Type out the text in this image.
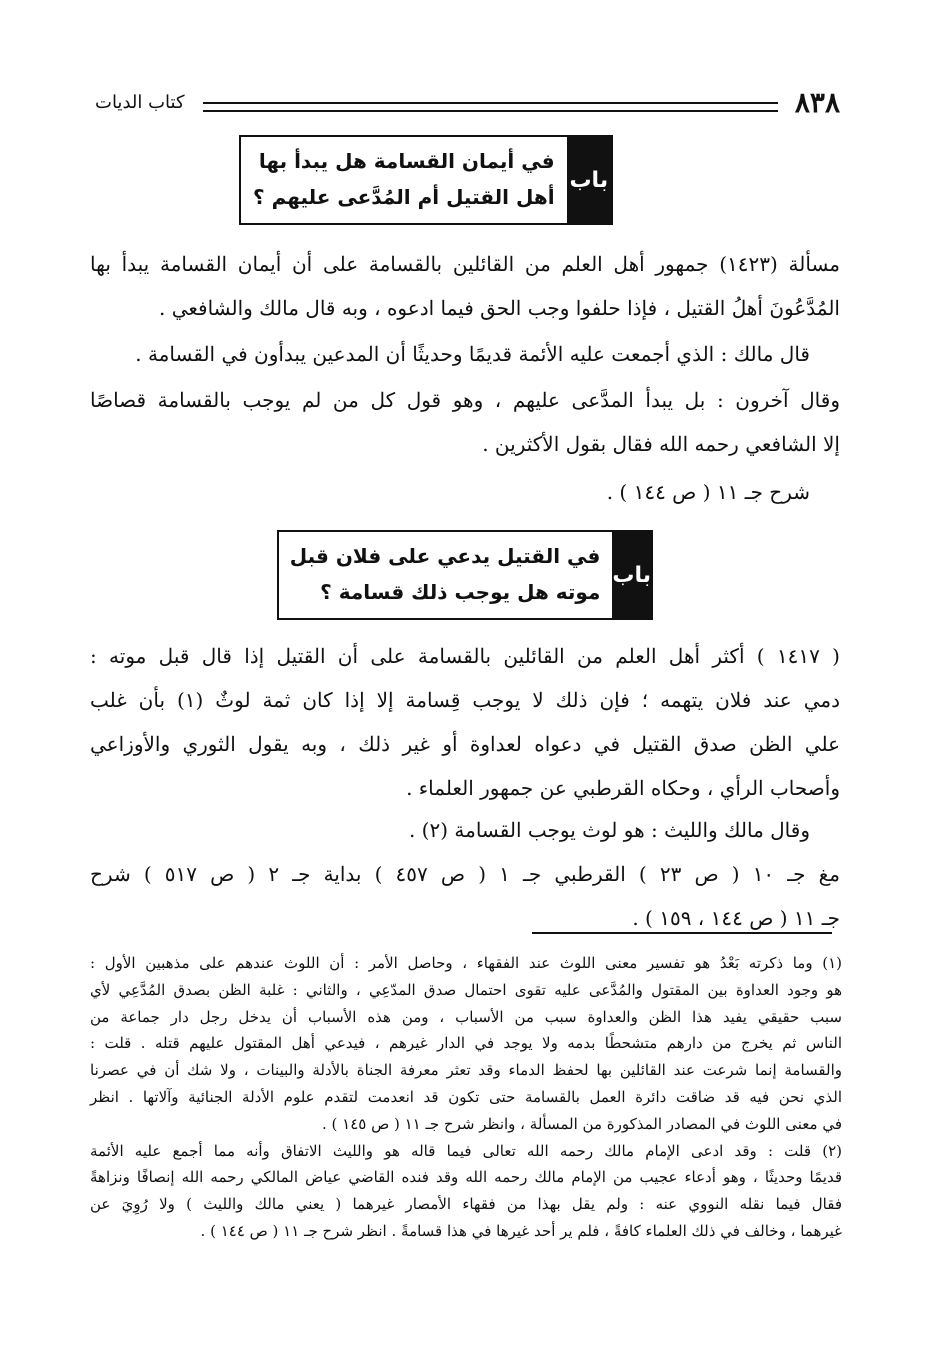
٨٣٨
كتاب الديات
باب
في أيمان القسامة هل يبدأ بها
أهل القتيل أم المُدَّعى عليهم ؟
مسألة (١٤٢٣) جمهور أهل العلم من القائلين بالقسامة على أن أيمان القسامة يبدأ بها
المُدَّعُونَ أهلُ القتيل ، فإذا حلفوا وجب الحق فيما ادعوه ، وبه قال مالك والشافعي .
قال مالك : الذي أجمعت عليه الأئمة قديمًا وحديثًا أن المدعين يبدأون في القسامة .
وقال آخرون : بل يبدأ المدَّعى عليهم ، وهو قول كل من لم يوجب بالقسامة قصاصًا
إلا الشافعي رحمه الله فقال بقول الأكثرين .
شرح جـ ١١ ( ص ١٤٤ ) .
باب
في القتيل يدعي على فلان قبل
موته هل يوجب ذلك قسامة ؟
( ١٤١٧ ) أكثر أهل العلم من القائلين بالقسامة على أن القتيل إذا قال قبل موته :
دمي عند فلان يتهمه ؛ فإن ذلك لا يوجب قِسامة إلا إذا كان ثمة لوثٌ (١) بأن غلب
علي الظن صدق القتيل في دعواه لعداوة أو غير ذلك ، وبه يقول الثوري والأوزاعي
وأصحاب الرأي ، وحكاه القرطبي عن جمهور العلماء .
وقال مالك والليث : هو لوث يوجب القسامة (٢) .
مغ جـ ١٠ ( ص ٢٣ ) القرطبي جـ ١ ( ص ٤٥٧ ) بداية جـ ٢ ( ص ٥١٧ ) شرح
جـ ١١ ( ص ١٤٤ ، ١٥٩ ) .
(١) وما ذكرته بَعْدُ هو تفسير معنى اللوث عند الفقهاء ، وحاصل الأمر : أن اللوث عندهم على مذهبين الأول :
هو وجود العداوة بين المقتول والمُدَّعى عليه تقوى احتمال صدق المدّعِي ، والثاني : غلبة الظن بصدق المُدَّعِي لأي
سبب حقيقي يفيد هذا الظن والعداوة سبب من الأسباب ، ومن هذه الأسباب أن يدخل رجل دار جماعة من
الناس ثم يخرج من دارهم متشحطًا بدمه ولا يوجد في الدار غيرهم ، فيدعي أهل المقتول عليهم قتله . قلت :
والقسامة إنما شرعت عند القائلين بها لحفظ الدماء وقد تعثر معرفة الجناة بالأدلة والبينات ، ولا شك أن في عصرنا
الذي نحن فيه قد ضاقت دائرة العمل بالقسامة حتى تكون قد انعدمت لتقدم علوم الأدلة الجنائية وآلاتها . انظر
في معنى اللوث في المصادر المذكورة من المسألة ، وانظر شرح جـ ١١ ( ص ١٤٥ ) .
(٢) قلت : وقد ادعى الإمام مالك رحمه الله تعالى فيما قاله هو والليث الاتفاق وأنه مما أجمع عليه الأئمة
قديمًا وحديثًا ، وهو أدعاء عجيب من الإمام مالك رحمه الله وقد فنده القاضي عياض المالكي رحمه الله إنصافًا ونزاهةً
فقال فيما نقله النووي عنه : ولم يقل بهذا من فقهاء الأمصار غيرهما ( يعني مالك والليث ) ولا رُوِيَ عن
غيرهما ، وخالف في ذلك العلماء كافةً ، فلم ير أحد غيرها في هذا قسامةً . انظر شرح جـ ١١ ( ص ١٤٤ ) .
